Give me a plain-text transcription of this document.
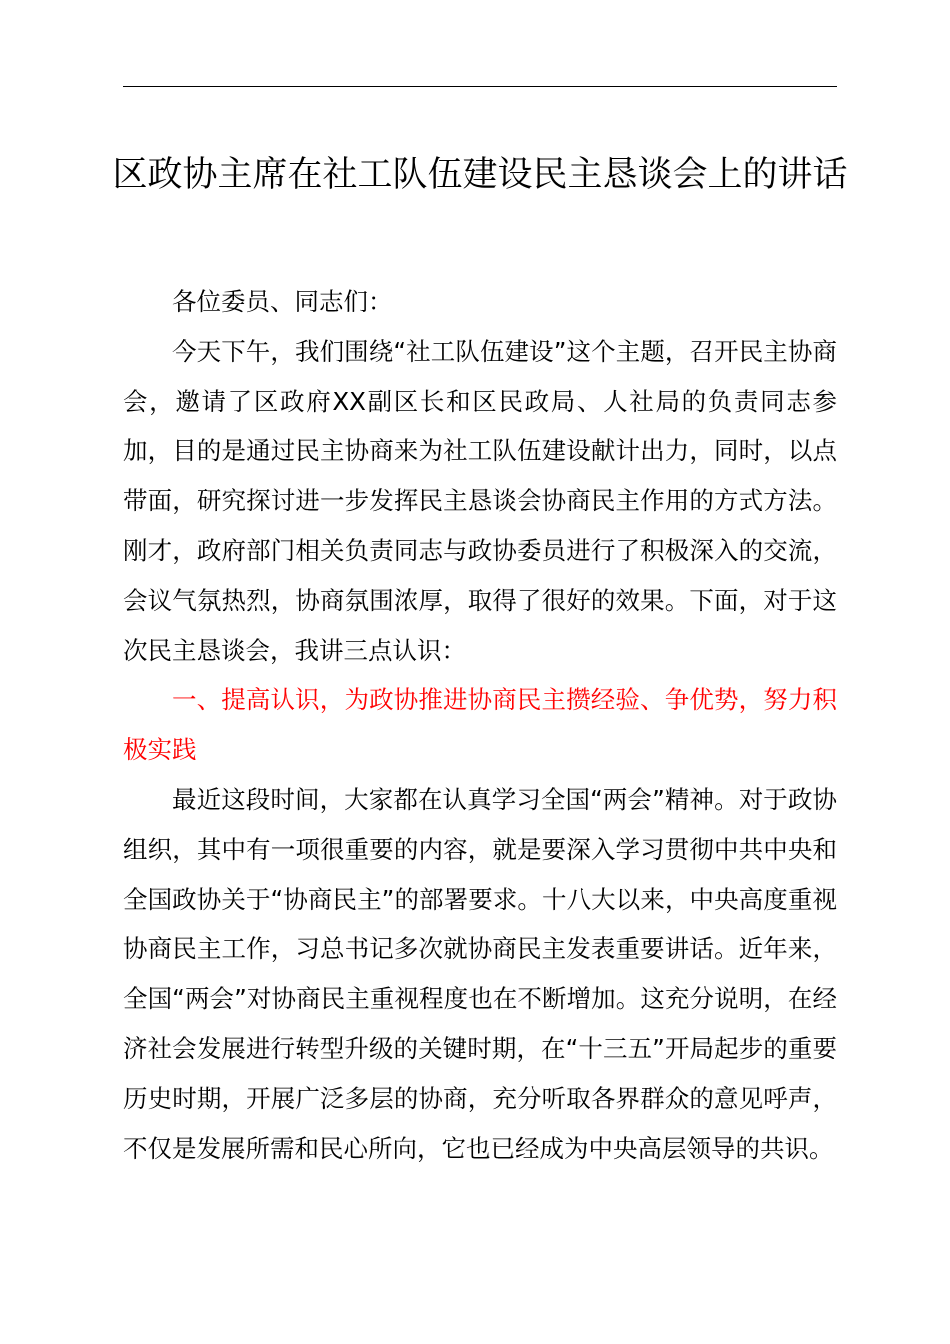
区政协主席在社工队伍建设民主恳谈会上的讲话

各位委员、同志们：

今天下午，我们围绕“社工队伍建设”这个主题，召开民主协商会，邀请了区政府XX副区长和区民政局、人社局的负责同志参加，目的是通过民主协商来为社工队伍建设献计出力，同时，以点带面，研究探讨进一步发挥民主恳谈会协商民主作用的方式方法。刚才，政府部门相关负责同志与政协委员进行了积极深入的交流，会议气氛热烈，协商氛围浓厚，取得了很好的效果。下面，对于这次民主恳谈会，我讲三点认识：

一、提高认识，为政协推进协商民主攒经验、争优势，努力积极实践

最近这段时间，大家都在认真学习全国“两会”精神。对于政协组织，其中有一项很重要的内容，就是要深入学习贯彻中共中央和全国政协关于“协商民主”的部署要求。十八大以来，中央高度重视协商民主工作，习总书记多次就协商民主发表重要讲话。近年来，全国“两会”对协商民主重视程度也在不断增加。这充分说明，在经济社会发展进行转型升级的关键时期，在“十三五”开局起步的重要历史时期，开展广泛多层的协商，充分听取各界群众的意见呼声，不仅是发展所需和民心所向，它也已经成为中央高层领导的共识。
